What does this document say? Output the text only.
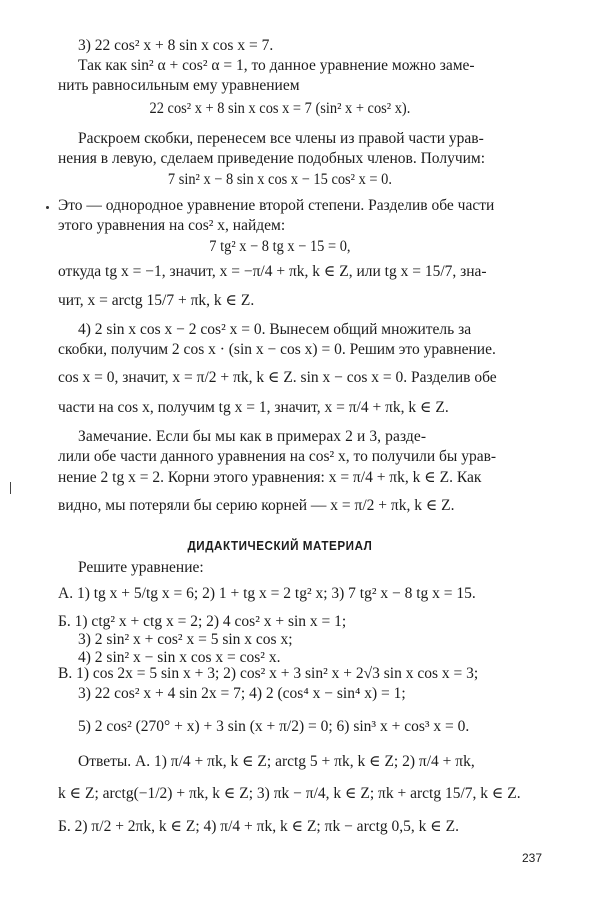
3) 22 cos² x + 8 sin x cos x = 7.
Так как sin² α + cos² α = 1, то данное уравнение можно заме-
нить равносильным ему уравнением
22 cos² x + 8 sin x cos x = 7 (sin² x + cos² x).
Раскроем скобки, перенесем все члены из правой части урав-
нения в левую, сделаем приведение подобных членов. Получим:
7 sin² x − 8 sin x cos x − 15 cos² x = 0.
Это — однородное уравнение второй степени. Разделив обе части
этого уравнения на cos² x, найдем:
7 tg² x − 8 tg x − 15 = 0,
откуда tg x = −1, значит, x = −π/4 + πk, k ∈ Z, или tg x = 15/7, зна-
чит, x = arctg 15/7 + πk, k ∈ Z.
4) 2 sin x cos x − 2 cos² x = 0. Вынесем общий множитель за
скобки, получим 2 cos x · (sin x − cos x) = 0. Решим это уравнение.
cos x = 0, значит, x = π/2 + πk, k ∈ Z. sin x − cos x = 0. Разделив обе
части на cos x, получим tg x = 1, значит, x = π/4 + πk, k ∈ Z.
Замечание. Если бы мы как в примерах 2 и 3, разде-
лили обе части данного уравнения на cos² x, то получили бы урав-
нение 2 tg x = 2. Корни этого уравнения: x = π/4 + πk, k ∈ Z. Как
видно, мы потеряли бы серию корней — x = π/2 + πk, k ∈ Z.
ДИДАКТИЧЕСКИЙ МАТЕРИАЛ
Решите уравнение:
А. 1) tg x + 5/tg x = 6; 2) 1 + tg x = 2 tg² x; 3) 7 tg² x − 8 tg x = 15.
Б. 1) ctg² x + ctg x = 2; 2) 4 cos² x + sin x = 1;
3) 2 sin² x + cos² x = 5 sin x cos x;
4) 2 sin² x − sin x cos x = cos² x.
В. 1) cos 2x = 5 sin x + 3; 2) cos² x + 3 sin² x + 2√3 sin x cos x = 3;
3) 22 cos² x + 4 sin 2x = 7; 4) 2 (cos⁴ x − sin⁴ x) = 1;
5) 2 cos² (270° + x) + 3 sin (x + π/2) = 0; 6) sin³ x + cos³ x = 0.
Ответы. А. 1) π/4 + πk, k ∈ Z; arctg 5 + πk, k ∈ Z; 2) π/4 + πk,
k ∈ Z; arctg(−1/2) + πk, k ∈ Z; 3) πk − π/4, k ∈ Z; πk + arctg 15/7, k ∈ Z.
Б. 2) π/2 + 2πk, k ∈ Z; 4) π/4 + πk, k ∈ Z; πk − arctg 0,5, k ∈ Z.
237
